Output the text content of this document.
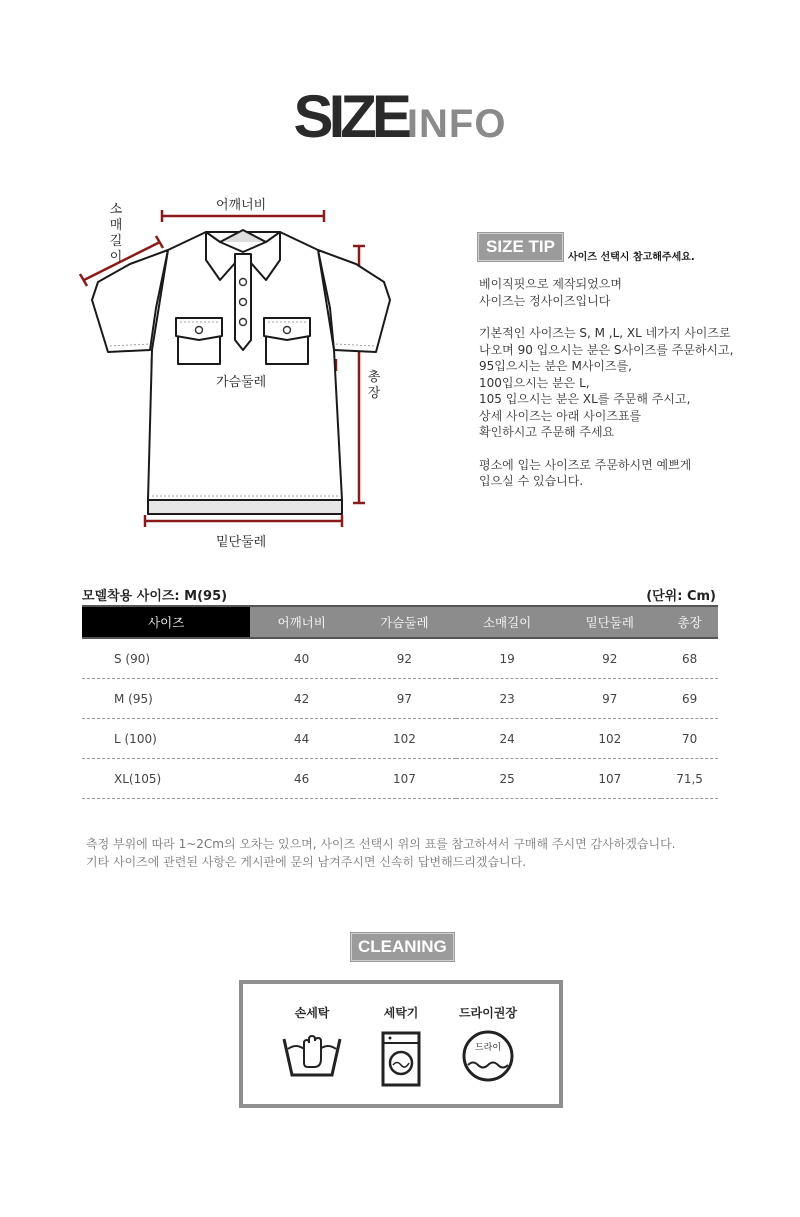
SIZEINFO
어깨너비
소
매
길
이
가슴둘레	총
장
밑단둘레
SIZE TIP
사이즈 선택시 참고해주세요.

베이직핏으로 제작되었으며

사이즈는 정사이즈입니다

기본적인 사이즈는 S, M ,L, XL 네가지 사이즈로

나오며 90 입으시는 분은 S사이즈를 주문하시고,

95입으시는 분은 M사이즈를,

100입으시는 분은 L,

105 입으시는 분은 XL를 주문해 주시고,

상세 사이즈는 아래 사이즈표를

확인하시고 주문해 주세요

평소에 입는 사이즈로 주문하시면 예쁘게

입으실 수 있습니다.

모델착용 사이즈: M(95)	(단위: Cm)
사이즈	어깨너비	가슴둘레	소매길이	밑단둘레	총장
S (90)	40	92	19	92	68
M (95)	42	97	23	97	69
L (100)	44	102	24	102	70
XL(105)	46	107	25	107	71,5

측정 부위에 따라 1~2Cm의 오차는 있으며, 사이즈 선택시 위의 표를 참고하셔서 구매해 주시면 감사하겠습니다.

기타 사이즈에 관련된 사항은 게시판에 문의 남겨주시면 신속히 답변해드리겠습니다.

CLEANING
손세탁	세탁기	드라이권장
드라이
